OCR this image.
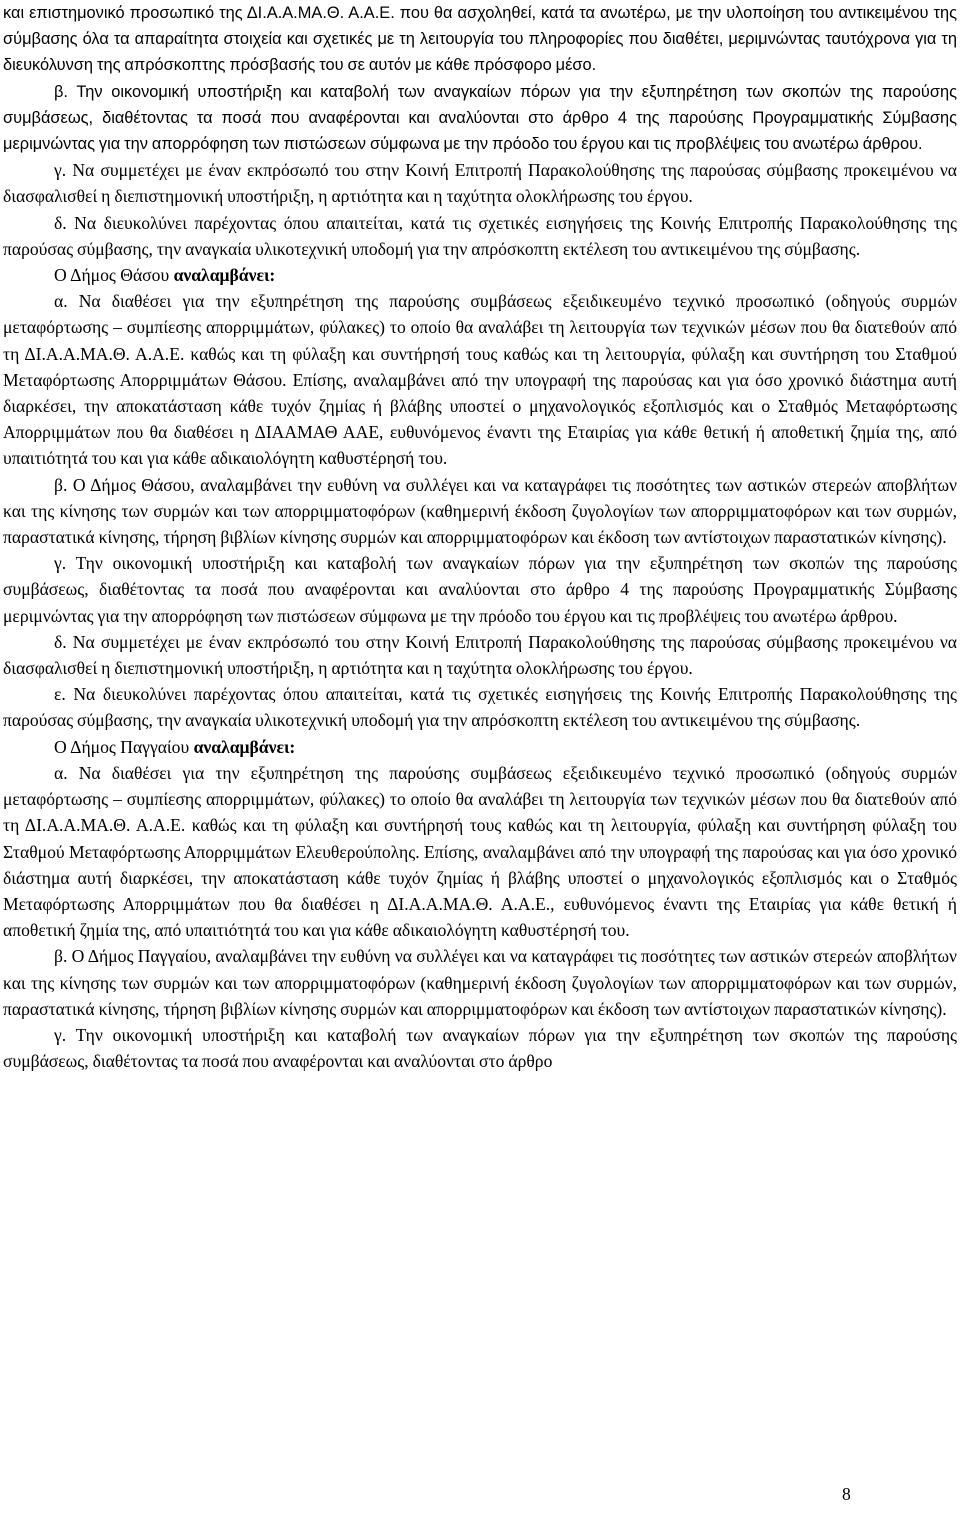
και επιστημονικό προσωπικό της ΔΙ.Α.Α.ΜΑ.Θ. Α.Α.Ε. που θα ασχοληθεί, κατά τα ανωτέρω, με την υλοποίηση του αντικειμένου της σύμβασης όλα τα απαραίτητα στοιχεία και σχετικές με τη λειτουργία του πληροφορίες που διαθέτει, μεριμνώντας ταυτόχρονα για τη διευκόλυνση της απρόσκοπτης πρόσβασής του σε αυτόν με κάθε πρόσφορο μέσο.

β. Την οικονομική υποστήριξη και καταβολή των αναγκαίων πόρων για την εξυπηρέτηση των σκοπών της παρούσης συμβάσεως, διαθέτοντας τα ποσά που αναφέρονται και αναλύονται στο άρθρο 4 της παρούσης Προγραμματικής Σύμβασης μεριμνώντας για την απορρόφηση των πιστώσεων σύμφωνα με την πρόοδο του έργου και τις προβλέψεις του ανωτέρω άρθρου.

γ. Να συμμετέχει με έναν εκπρόσωπό του στην Κοινή Επιτροπή Παρακολούθησης της παρούσας σύμβασης προκειμένου να διασφαλισθεί η διεπιστημονική υποστήριξη, η αρτιότητα και η ταχύτητα ολοκλήρωσης του έργου.

δ. Να διευκολύνει παρέχοντας όπου απαιτείται, κατά τις σχετικές εισηγήσεις της Κοινής Επιτροπής Παρακολούθησης της παρούσας σύμβασης, την αναγκαία υλικοτεχνική υποδομή για την απρόσκοπτη εκτέλεση του αντικειμένου της σύμβασης.

Ο Δήμος Θάσου αναλαμβάνει:

α. Να διαθέσει για την εξυπηρέτηση της παρούσης συμβάσεως εξειδικευμένο τεχνικό προσωπικό (οδηγούς συρμών μεταφόρτωσης – συμπίεσης απορριμμάτων, φύλακες) το οποίο θα αναλάβει τη λειτουργία των τεχνικών μέσων που θα διατεθούν από τη ΔΙ.Α.Α.ΜΑ.Θ. Α.Α.Ε. καθώς και τη φύλαξη και συντήρησή τους καθώς και τη λειτουργία, φύλαξη και συντήρηση του Σταθμού Μεταφόρτωσης Απορριμμάτων Θάσου. Επίσης, αναλαμβάνει από την υπογραφή της παρούσας και για όσο χρονικό διάστημα αυτή διαρκέσει, την αποκατάσταση κάθε τυχόν ζημίας ή βλάβης υποστεί ο μηχανολογικός εξοπλισμός και ο Σταθμός Μεταφόρτωσης Απορριμμάτων που θα διαθέσει η ΔΙΑΑΜΑΘ ΑΑΕ, ευθυνόμενος έναντι της Εταιρίας για κάθε θετική ή αποθετική ζημία της, από υπαιτιότητά του και για κάθε αδικαιολόγητη καθυστέρησή του.

β. Ο Δήμος Θάσου, αναλαμβάνει την ευθύνη να συλλέγει και να καταγράφει τις ποσότητες των αστικών στερεών αποβλήτων και της κίνησης των συρμών και των απορριμματοφόρων (καθημερινή έκδοση ζυγολογίων των απορριμματοφόρων και των συρμών, παραστατικά κίνησης, τήρηση βιβλίων κίνησης συρμών και απορριμματοφόρων και έκδοση των αντίστοιχων παραστατικών κίνησης).

γ. Την οικονομική υποστήριξη και καταβολή των αναγκαίων πόρων για την εξυπηρέτηση των σκοπών της παρούσης συμβάσεως, διαθέτοντας τα ποσά που αναφέρονται και αναλύονται στο άρθρο 4 της παρούσης Προγραμματικής Σύμβασης μεριμνώντας για την απορρόφηση των πιστώσεων σύμφωνα με την πρόοδο του έργου και τις προβλέψεις του ανωτέρω άρθρου.

δ. Να συμμετέχει με έναν εκπρόσωπό του στην Κοινή Επιτροπή Παρακολούθησης της παρούσας σύμβασης προκειμένου να διασφαλισθεί η διεπιστημονική υποστήριξη, η αρτιότητα και η ταχύτητα ολοκλήρωσης του έργου.

ε. Να διευκολύνει παρέχοντας όπου απαιτείται, κατά τις σχετικές εισηγήσεις της Κοινής Επιτροπής Παρακολούθησης της παρούσας σύμβασης, την αναγκαία υλικοτεχνική υποδομή για την απρόσκοπτη εκτέλεση του αντικειμένου της σύμβασης.

Ο Δήμος Παγγαίου αναλαμβάνει:

α. Να διαθέσει για την εξυπηρέτηση της παρούσης συμβάσεως εξειδικευμένο τεχνικό προσωπικό (οδηγούς συρμών μεταφόρτωσης – συμπίεσης απορριμμάτων, φύλακες) το οποίο θα αναλάβει τη λειτουργία των τεχνικών μέσων που θα διατεθούν από τη ΔΙ.Α.Α.ΜΑ.Θ. Α.Α.Ε. καθώς και τη φύλαξη και συντήρησή τους καθώς και τη λειτουργία, φύλαξη και συντήρηση φύλαξη του Σταθμού Μεταφόρτωσης Απορριμμάτων Ελευθερούπολης. Επίσης, αναλαμβάνει από την υπογραφή της παρούσας και για όσο χρονικό διάστημα αυτή διαρκέσει, την αποκατάσταση κάθε τυχόν ζημίας ή βλάβης υποστεί ο μηχανολογικός εξοπλισμός και ο Σταθμός Μεταφόρτωσης Απορριμμάτων που θα διαθέσει η ΔΙ.Α.Α.ΜΑ.Θ. Α.Α.Ε., ευθυνόμενος έναντι της Εταιρίας για κάθε θετική ή αποθετική ζημία της, από υπαιτιότητά του και για κάθε αδικαιολόγητη καθυστέρησή του.

β. Ο Δήμος Παγγαίου, αναλαμβάνει την ευθύνη να συλλέγει και να καταγράφει τις ποσότητες των αστικών στερεών αποβλήτων και της κίνησης των συρμών και των απορριμματοφόρων (καθημερινή έκδοση ζυγολογίων των απορριμματοφόρων και των συρμών, παραστατικά κίνησης, τήρηση βιβλίων κίνησης συρμών και απορριμματοφόρων και έκδοση των αντίστοιχων παραστατικών κίνησης).

γ. Την οικονομική υποστήριξη και καταβολή των αναγκαίων πόρων για την εξυπηρέτηση των σκοπών της παρούσης συμβάσεως, διαθέτοντας τα ποσά που αναφέρονται και αναλύονται στο άρθρο

8
